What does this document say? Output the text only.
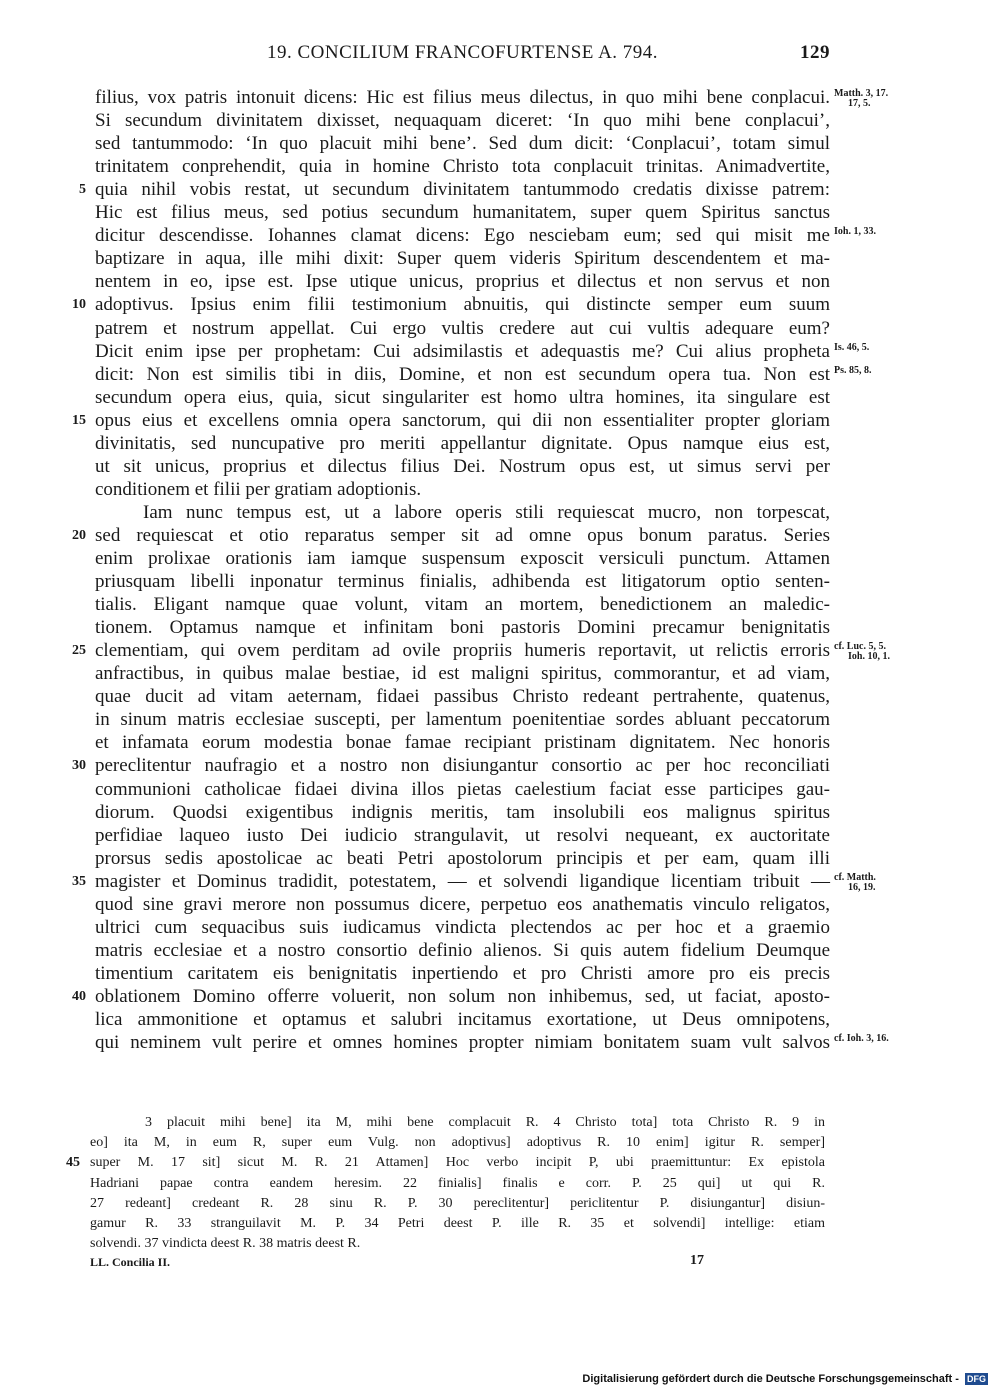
19. CONCILIUM FRANCOFURTENSE A. 794.	129
filius, vox patris intonuit dicens: Hic est filius meus dilectus, in quo mihi bene conplacui.
Si secundum divinitatem dixisset, nequaquam diceret: ‘In quo mihi bene conplacui’,
sed tantummodo: ‘In quo placuit mihi bene’. Sed dum dicit: ‘Conplacui’, totam simul
trinitatem conprehendit, quia in homine Christo tota conplacuit trinitas. Animadvertite,
quia nihil vobis restat, ut secundum divinitatem tantummodo credatis dixisse patrem:
5
Hic est filius meus, sed potius secundum humanitatem, super quem Spiritus sanctus
dicitur descendisse. Iohannes clamat dicens: Ego nesciebam eum; sed qui misit me
baptizare in aqua, ille mihi dixit: Super quem videris Spiritum descendentem et ma-
nentem in eo, ipse est. Ipse utique unicus, proprius et dilectus et non servus et non
adoptivus. Ipsius enim filii testimonium abnuitis, qui distincte semper eum suum
10
patrem et nostrum appellat. Cui ergo vultis credere aut cui vultis adequare eum?
Dicit enim ipse per prophetam: Cui adsimilastis et adequastis me? Cui alius propheta
dicit: Non est similis tibi in diis, Domine, et non est secundum opera tua. Non est
secundum opera eius, quia, sicut singulariter est homo ultra homines, ita singulare est
opus eius et excellens omnia opera sanctorum, qui dii non essentialiter propter gloriam
15
divinitatis, sed nuncupative pro meriti appellantur dignitate. Opus namque eius est,
ut sit unicus, proprius et dilectus filius Dei. Nostrum opus est, ut simus servi per
conditionem et filii per gratiam adoptionis.
Iam nunc tempus est, ut a labore operis stili requiescat mucro, non torpescat,
sed requiescat et otio reparatus semper sit ad omne opus bonum paratus. Series
20
enim prolixae orationis iam iamque suspensum exposcit versiculi punctum. Attamen
priusquam libelli inponatur terminus finialis, adhibenda est litigatorum optio senten-
tialis. Eligant namque quae volunt, vitam an mortem, benedictionem an maledic-
tionem. Optamus namque et infinitam boni pastoris Domini precamur benignitatis
clementiam, qui ovem perditam ad ovile propriis humeris reportavit, ut relictis erroris
25
anfractibus, in quibus malae bestiae, id est maligni spiritus, commorantur, et ad viam,
quae ducit ad vitam aeternam, fidaei passibus Christo redeant pertrahente, quatenus,
in sinum matris ecclesiae suscepti, per lamentum poenitentiae sordes abluant peccatorum
et infamata eorum modestia bonae famae recipiant pristinam dignitatem. Nec honoris
pereclitentur naufragio et a nostro non disiungantur consortio ac per hoc reconciliati
30
communioni catholicae fidaei divina illos pietas caelestium faciat esse participes gau-
diorum. Quodsi exigentibus indignis meritis, tam insolubili eos malignus spiritus
perfidiae laqueo iusto Dei iudicio strangulavit, ut resolvi nequeant, ex auctoritate
prorsus sedis apostolicae ac beati Petri apostolorum principis et per eam, quam illi
magister et Dominus tradidit, potestatem, — et solvendi ligandique licentiam tribuit —
35
quod sine gravi merore non possumus dicere, perpetuo eos anathematis vinculo religatos,
ultrici cum sequacibus suis iudicamus vindicta plectendos ac per hoc et a graemio
matris ecclesiae et a nostro consortio definio alienos. Si quis autem fidelium Deumque
timentium caritatem eis benignitatis inpertiendo et pro Christi amore pro eis precis
oblationem Domino offerre voluerit, non solum non inhibemus, sed, ut faciat, aposto-
40
lica ammonitione et optamus et salubri incitamus exortatione, ut Deus omnipotens,
qui neminem vult perire et omnes homines propter nimiam bonitatem suam vult salvos
Matth. 3, 17.
17, 5.
Ioh. 1, 33.
Is. 46, 5.
Ps. 85, 8.
cf. Luc. 5, 5.
Ioh. 10, 1.
cf. Matth.
16, 19.
cf. Ioh. 3, 16.
3 placuit mihi bene] ita M, mihi bene complacuit R. 4 Christo tota] tota Christo R. 9 in
eo] ita M, in eum R, super eum Vulg. non adoptivus] adoptivus R. 10 enim] igitur R. semper]
super M. 17 sit] sicut M. R. 21 Attamen] Hoc verbo incipit P, ubi praemittuntur: Ex epistola
45
Hadriani papae contra eandem heresim. 22 finialis] finalis e corr. P. 25 qui] ut qui R.
27 redeant] credeant R. 28 sinu R. P. 30 pereclitentur] periclitentur P. disiungantur] disiun-
gamur R. 33 stranguilavit M. P. 34 Petri deest P. ille R. 35 et solvendi] intellige: etiam
solvendi. 37 vindicta deest R. 38 matris deest R.
LL. Concilia II.	17
Digitalisierung gefördert durch die Deutsche Forschungsgemeinschaft - DFG
